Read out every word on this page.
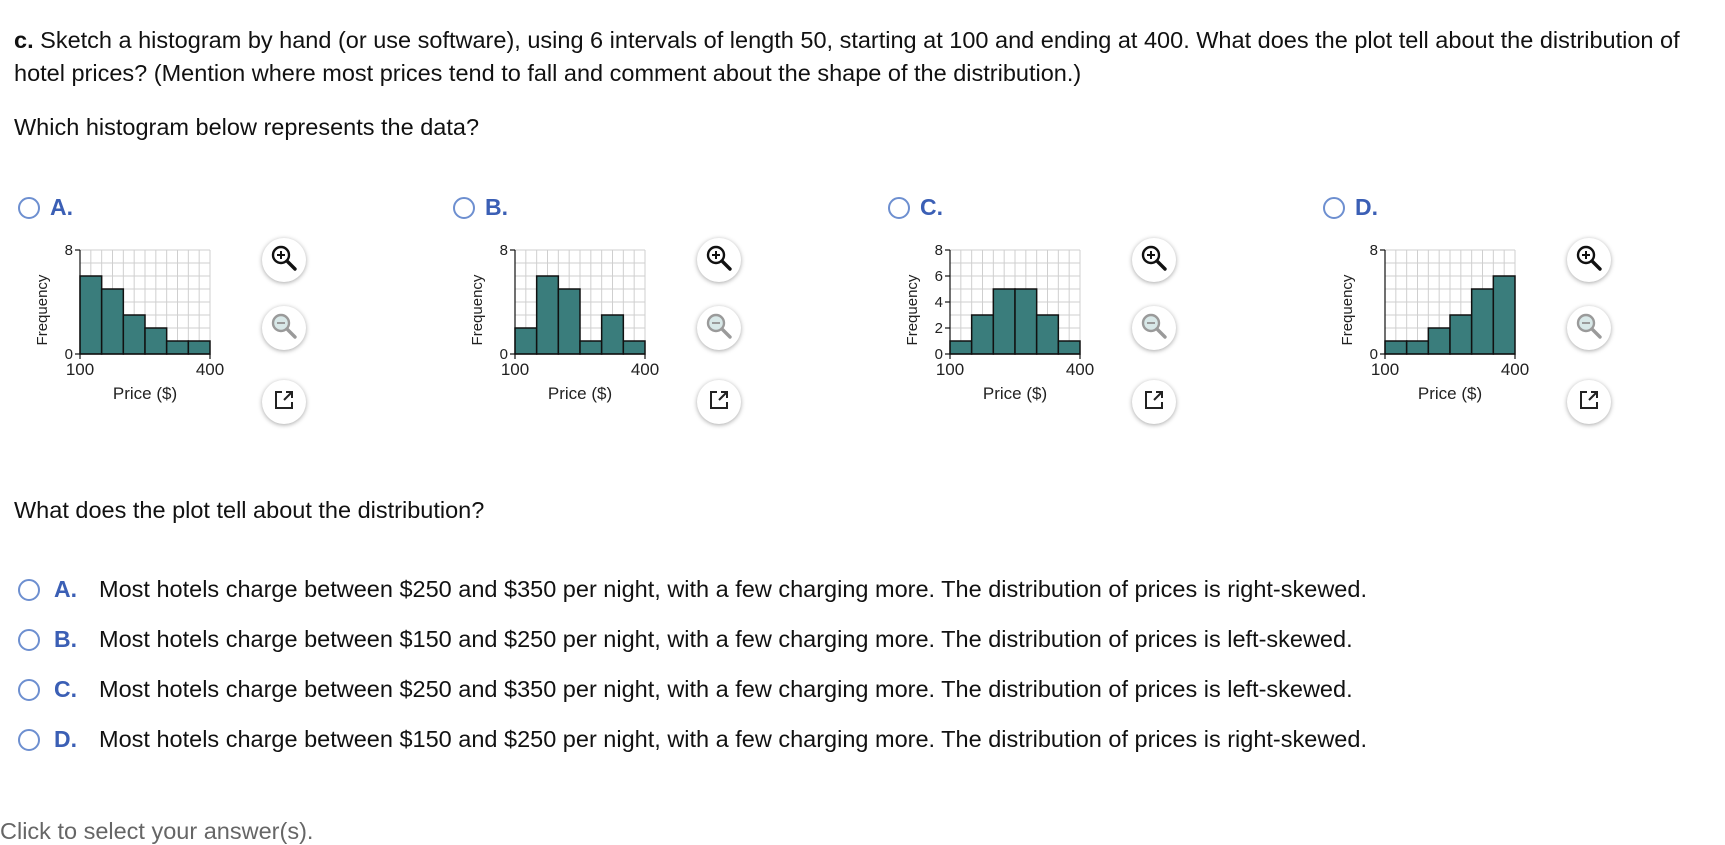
c. Sketch a histogram by hand (or use software), using 6 intervals of length 50, starting at 100 and ending at 400. What does the plot tell about the distribution of hotel prices? (Mention where most prices tend to fall and comment about the shape of the distribution.)
Which histogram below represents the data?
A.	B.	C.	D.
0
8
100	400
Price ($)
Frequency
0
8
100	400
Price ($)
Frequency
0
2
4
6
8
100	400
Price ($)
Frequency
0
8
100	400
Price ($)
Frequency
What does the plot tell about the distribution?
A. Most hotels charge between $250 and $350 per night, with a few charging more. The distribution of prices is right-skewed.
B. Most hotels charge between $150 and $250 per night, with a few charging more. The distribution of prices is left-skewed.
C. Most hotels charge between $250 and $350 per night, with a few charging more. The distribution of prices is left-skewed.
D. Most hotels charge between $150 and $250 per night, with a few charging more. The distribution of prices is right-skewed.
Click to select your answer(s).
